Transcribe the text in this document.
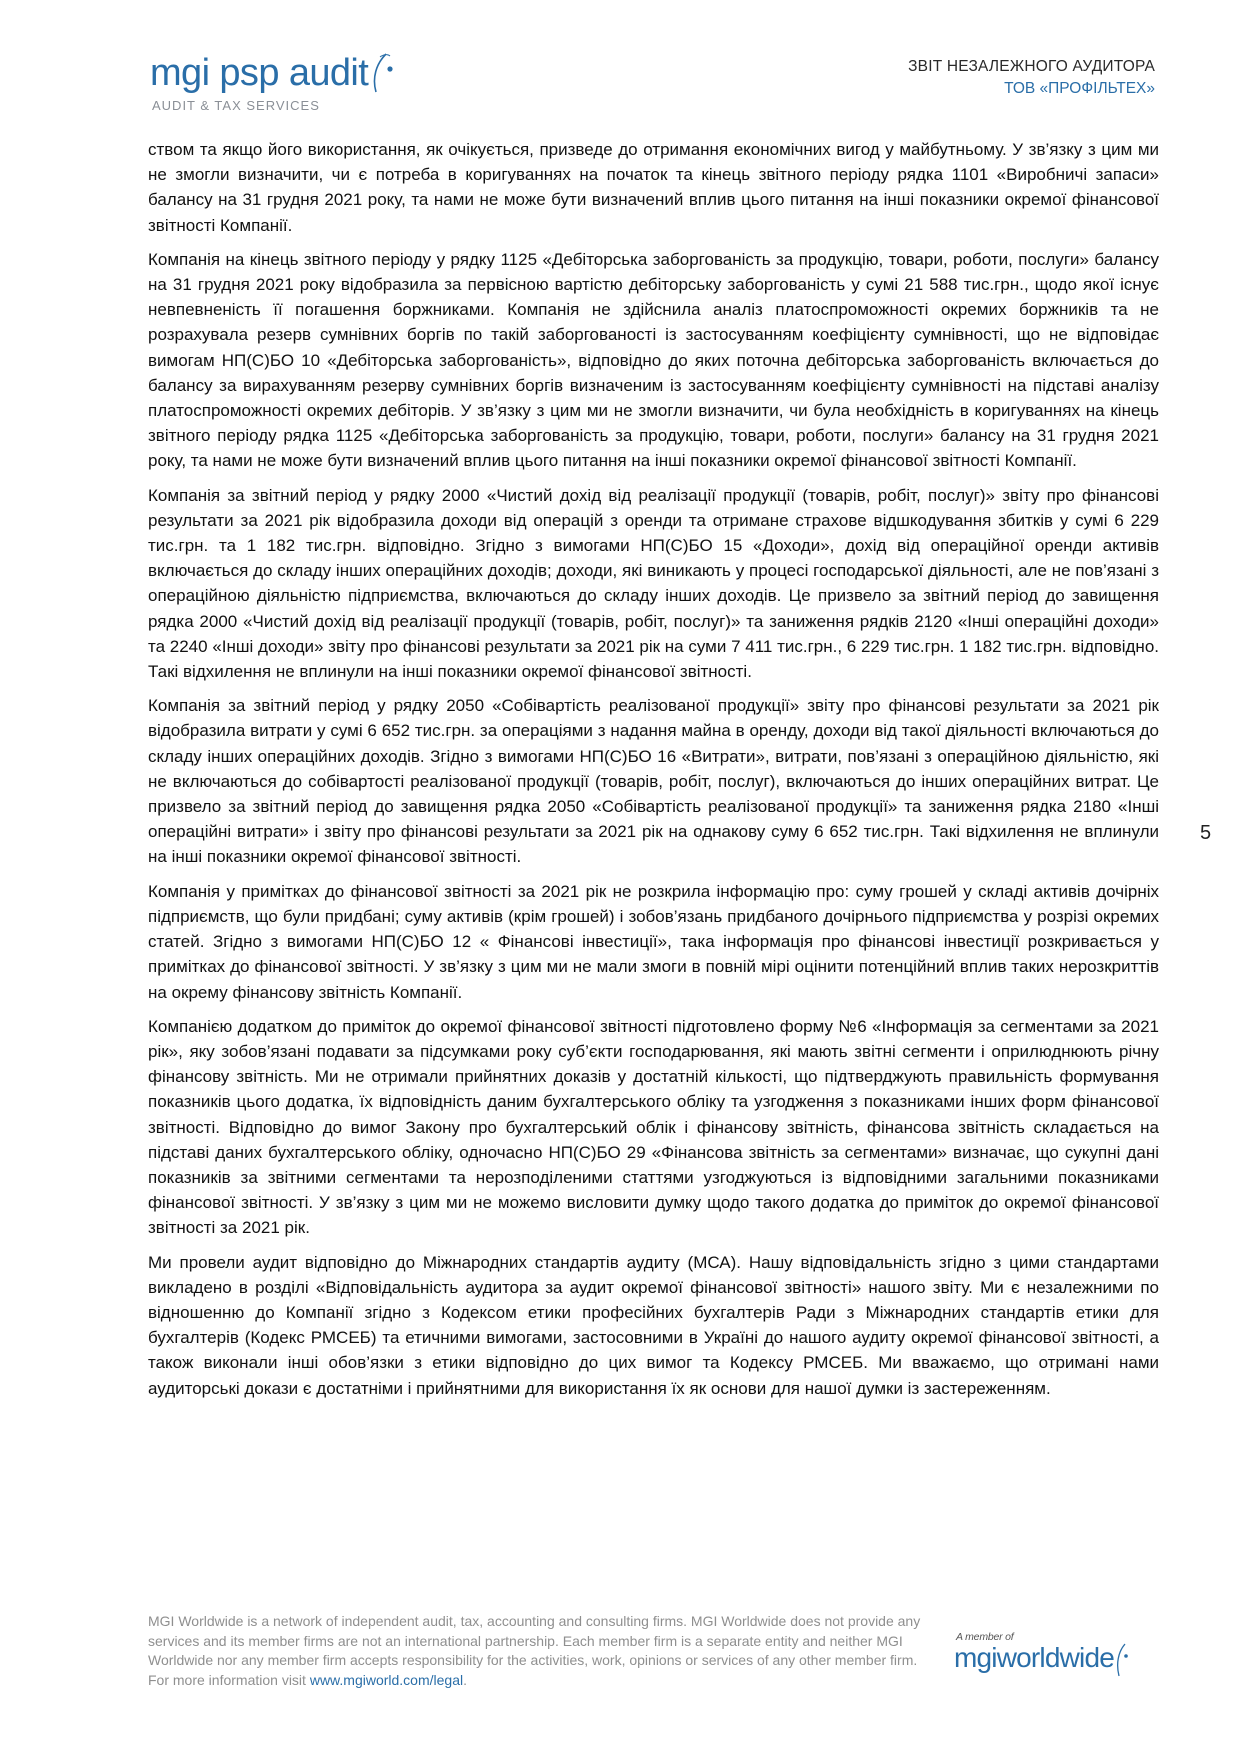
mgi psp audit
AUDIT & TAX SERVICES
ЗВІТ НЕЗАЛЕЖНОГО АУДИТОРА
ТОВ «ПРОФІЛЬТЕХ»
5

ством та якщо його використання, як очікується, призведе до отримання економічних вигод у майбутньому. У зв’язку з цим ми не змогли визначити, чи є потреба в коригуваннях на початок та кінець звітного періоду рядка 1101 «Виробничі запаси» балансу на 31 грудня 2021 року, та нами не може бути визначений вплив цього питання на інші показники окремої фінансової звітності Компанії.

Компанія на кінець звітного періоду у рядку 1125 «Дебіторська заборгованість за продукцію, товари, роботи, послуги» балансу на 31 грудня 2021 року відобразила за первісною вартістю дебіторську заборгованість у сумі 21 588 тис.грн., щодо якої існує невпевненість її погашення боржниками. Компанія не здійснила аналіз платоспроможності окремих боржників та не розрахувала резерв сумнівних боргів по такій заборгованості із застосуванням коефіцієнту сумнівності, що не відповідає вимогам НП(С)БО 10 «Дебіторська заборгованість», відповідно до яких поточна дебіторська заборгованість включається до балансу за вирахуванням резерву сумнівних боргів визначеним із застосуванням коефіцієнту сумнівності на підставі аналізу платоспроможності окремих дебіторів. У зв’язку з цим ми не змогли визначити, чи була необхідність в коригуваннях на кінець звітного періоду рядка 1125 «Дебіторська заборгованість за продукцію, товари, роботи, послуги» балансу на 31 грудня 2021 року, та нами не може бути визначений вплив цього питання на інші показники окремої фінансової звітності Компанії.

Компанія за звітний період у рядку 2000 «Чистий дохід від реалізації продукції (товарів, робіт, послуг)» звіту про фінансові результати за 2021 рік відобразила доходи від операцій з оренди та отримане страхове відшкодування збитків у сумі 6 229 тис.грн. та 1 182 тис.грн. відповідно. Згідно з вимогами НП(С)БО 15 «Доходи», дохід від операційної оренди активів включається до складу інших операційних доходів; доходи, які виникають у процесі господарської діяльності, але не пов’язані з операційною діяльністю підприємства, включаються до складу інших доходів. Це призвело за звітний період до завищення рядка 2000 «Чистий дохід від реалізації продукції (товарів, робіт, послуг)» та заниження рядків 2120 «Інші операційні доходи» та 2240 «Інші доходи» звіту про фінансові результати за 2021 рік на суми 7 411 тис.грн., 6 229 тис.грн. 1 182 тис.грн. відповідно. Такі відхилення не вплинули на інші показники окремої фінансової звітності.

Компанія за звітний період у рядку 2050 «Собівартість реалізованої продукції» звіту про фінансові результати за 2021 рік відобразила витрати у сумі 6 652 тис.грн. за операціями з надання майна в оренду, доходи від такої діяльності включаються до складу інших операційних доходів. Згідно з вимогами НП(С)БО 16 «Витрати», витрати, пов’язані з операційною діяльністю, які не включаються до собівартості реалізованої продукції (товарів, робіт, послуг), включаються до інших операційних витрат. Це призвело за звітний період до завищення рядка 2050 «Собівартість реалізованої продукції» та заниження рядка 2180 «Інші операційні витрати» і звіту про фінансові результати за 2021 рік на однакову суму 6 652 тис.грн. Такі відхилення не вплинули на інші показники окремої фінансової звітності.

Компанія у примітках до фінансової звітності за 2021 рік не розкрила інформацію про: суму грошей у складі активів дочірніх підприємств, що були придбані; суму активів (крім грошей) і зобов’язань придбаного дочірнього підприємства у розрізі окремих статей. Згідно з вимогами НП(С)БО 12 « Фінансові інвестиції», така інформація про фінансові інвестиції розкривається у примітках до фінансової звітності. У зв’язку з цим ми не мали змоги в повній мірі оцінити потенційний вплив таких нерозкриттів на окрему фінансову звітність Компанії.

Компанією додатком до приміток до окремої фінансової звітності підготовлено форму №6 «Інформація за сегментами за 2021 рік», яку зобов’язані подавати за підсумками року суб’єкти господарювання, які мають звітні сегменти і оприлюднюють річну фінансову звітність. Ми не отримали прийнятних доказів у достатній кількості, що підтверджують правильність формування показників цього додатка, їх відповідність даним бухгалтерського обліку та узгодження з показниками інших форм фінансової звітності. Відповідно до вимог Закону про бухгалтерський облік і фінансову звітність, фінансова звітність складається на підставі даних бухгалтерського обліку, одночасно НП(С)БО 29 «Фінансова звітність за сегментами» визначає, що сукупні дані показників за звітними сегментами та нерозподіленими статтями узгоджуються із відповідними загальними показниками фінансової звітності. У зв’язку з цим ми не можемо висловити думку щодо такого додатка до приміток до окремої фінансової звітності за 2021 рік.

Ми провели аудит відповідно до Міжнародних стандартів аудиту (МСА). Нашу відповідальність згідно з цими стандартами викладено в розділі «Відповідальність аудитора за аудит окремої фінансової звітності» нашого звіту. Ми є незалежними по відношенню до Компанії згідно з Кодексом етики професійних бухгалтерів Ради з Міжнародних стандартів етики для бухгалтерів (Кодекс РМСЕБ) та етичними вимогами, застосовними в Україні до нашого аудиту окремої фінансової звітності, а також виконали інші обов’язки з етики відповідно до цих вимог та Кодексу РМСЕБ. Ми вважаємо, що отримані нами аудиторські докази є достатніми і прийнятними для використання їх як основи для нашої думки із застереженням.

MGI Worldwide is a network of independent audit, tax, accounting and consulting firms. MGI Worldwide does not provide any services and its member firms are not an international partnership. Each member firm is a separate entity and neither MGI Worldwide nor any member firm accepts responsibility for the activities, work, opinions or services of any other member firm. For more information visit www.mgiworld.com/legal.
A member of
mgiworldwide
